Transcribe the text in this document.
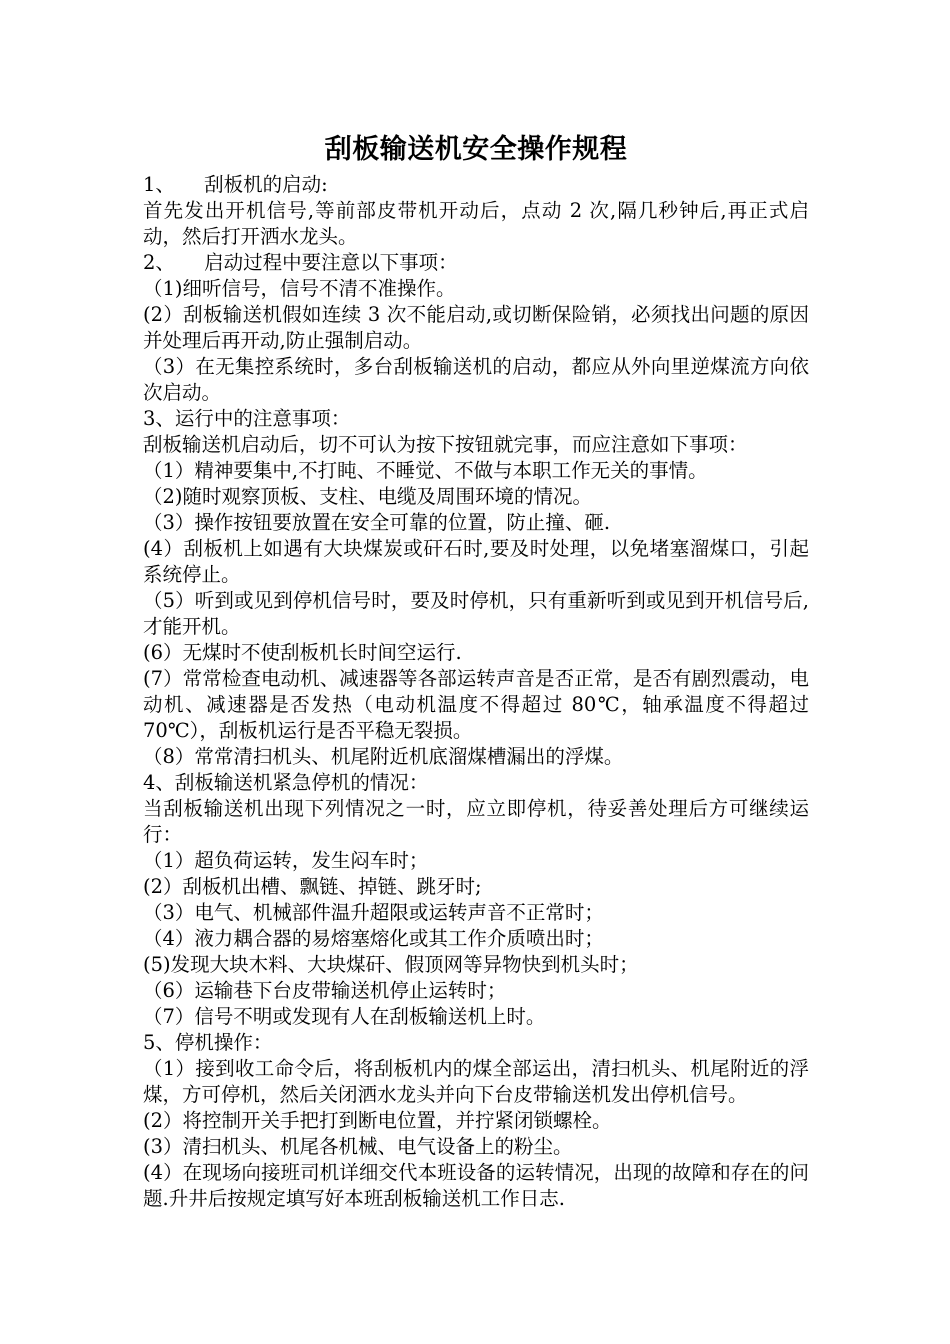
刮板输送机安全操作规程

1、　　刮板机的启动:

首先发出开机信号,等前部皮带机开动后，点动 2 次,隔几秒钟后,再正式启动，然后打开洒水龙头。

2、　　启动过程中要注意以下事项：

（1)细听信号，信号不清不准操作。

(2）刮板输送机假如连续 3 次不能启动,或切断保险销，必须找出问题的原因并处理后再开动,防止强制启动。

（3）在无集控系统时，多台刮板输送机的启动，都应从外向里逆煤流方向依次启动。

3、运行中的注意事项：

刮板输送机启动后，切不可认为按下按钮就完事，而应注意如下事项：

（1）精神要集中,不打盹、不睡觉、不做与本职工作无关的事情。

（2)随时观察顶板、支柱、电缆及周围环境的情况。

（3）操作按钮要放置在安全可靠的位置，防止撞、砸.

(4）刮板机上如遇有大块煤炭或矸石时,要及时处理，以免堵塞溜煤口，引起系统停止。

（5）听到或见到停机信号时，要及时停机，只有重新听到或见到开机信号后,才能开机。

(6）无煤时不使刮板机长时间空运行.

(7）常常检查电动机、减速器等各部运转声音是否正常，是否有剧烈震动，电动机、减速器是否发热（电动机温度不得超过 80℃，轴承温度不得超过 70℃），刮板机运行是否平稳无裂损。

（8）常常清扫机头、机尾附近机底溜煤槽漏出的浮煤。

4、刮板输送机紧急停机的情况：

当刮板输送机出现下列情况之一时，应立即停机，待妥善处理后方可继续运行：

（1）超负荷运转，发生闷车时；

(2）刮板机出槽、飘链、掉链、跳牙时;

（3）电气、机械部件温升超限或运转声音不正常时；

（4）液力耦合器的易熔塞熔化或其工作介质喷出时；

(5)发现大块木料、大块煤矸、假顶网等异物快到机头时；

（6）运输巷下台皮带输送机停止运转时；

（7）信号不明或发现有人在刮板输送机上时。

5、停机操作：

（1）接到收工命令后，将刮板机内的煤全部运出，清扫机头、机尾附近的浮煤，方可停机，然后关闭洒水龙头并向下台皮带输送机发出停机信号。

(2）将控制开关手把打到断电位置，并拧紧闭锁螺栓。

(3）清扫机头、机尾各机械、电气设备上的粉尘。

(4）在现场向接班司机详细交代本班设备的运转情况，出现的故障和存在的问题.升井后按规定填写好本班刮板输送机工作日志.
